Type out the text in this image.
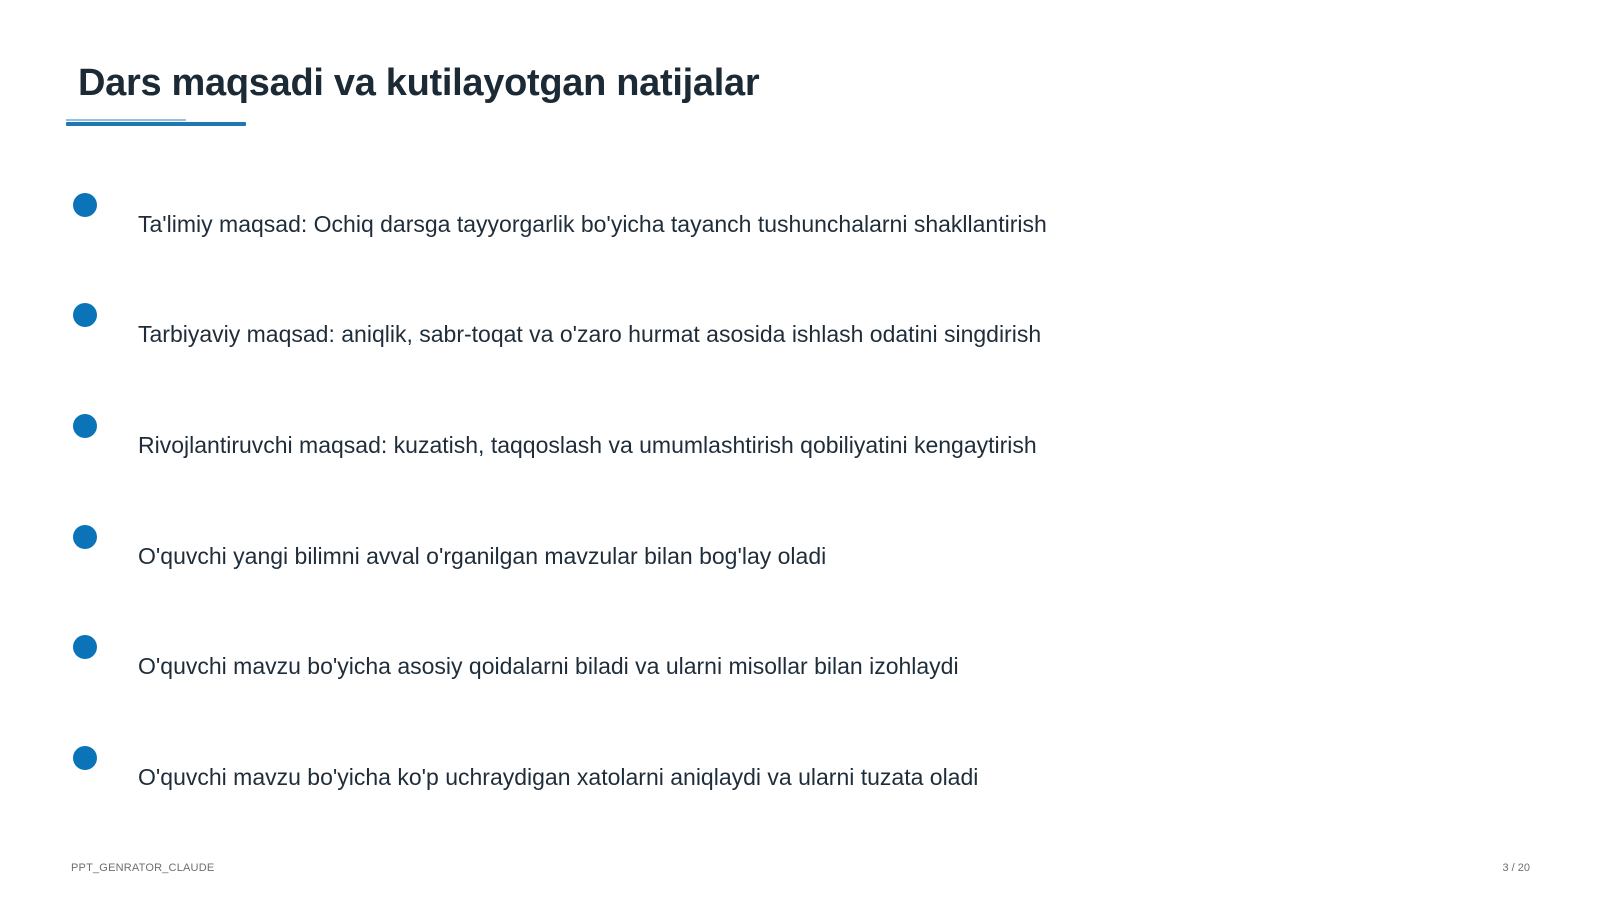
Dars maqsadi va kutilayotgan natijalar
Ta'limiy maqsad: Ochiq darsga tayyorgarlik bo'yicha tayanch tushunchalarni shakllantirish
Tarbiyaviy maqsad: aniqlik, sabr-toqat va o'zaro hurmat asosida ishlash odatini singdirish
Rivojlantiruvchi maqsad: kuzatish, taqqoslash va umumlashtirish qobiliyatini kengaytirish
O'quvchi yangi bilimni avval o'rganilgan mavzular bilan bog'lay oladi
O'quvchi mavzu bo'yicha asosiy qoidalarni biladi va ularni misollar bilan izohlaydi
O'quvchi mavzu bo'yicha ko'p uchraydigan xatolarni aniqlaydi va ularni tuzata oladi
PPT_GENRATOR_CLAUDE	3 / 20
